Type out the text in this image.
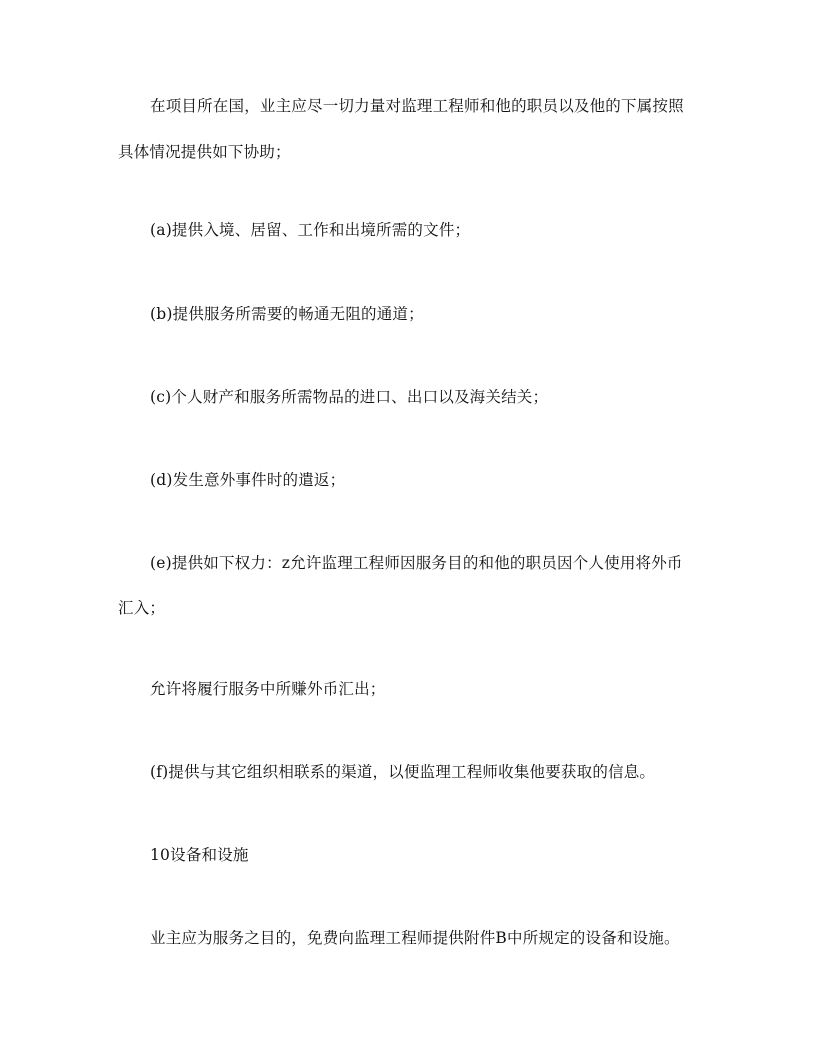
在项目所在国，业主应尽一切力量对监理工程师和他的职员以及他的下属按照
具体情况提供如下协助；
(a)提供入境、居留、工作和出境所需的文件；
(b)提供服务所需要的畅通无阻的通道；
(c)个人财产和服务所需物品的进口、出口以及海关结关；
(d)发生意外事件时的遣返；
(e)提供如下权力：z允许监理工程师因服务目的和他的职员因个人使用将外币
汇入；
允许将履行服务中所赚外币汇出；
(f)提供与其它组织相联系的渠道，以便监理工程师收集他要获取的信息。
10设备和设施
业主应为服务之目的，免费向监理工程师提供附件B中所规定的设备和设施。
